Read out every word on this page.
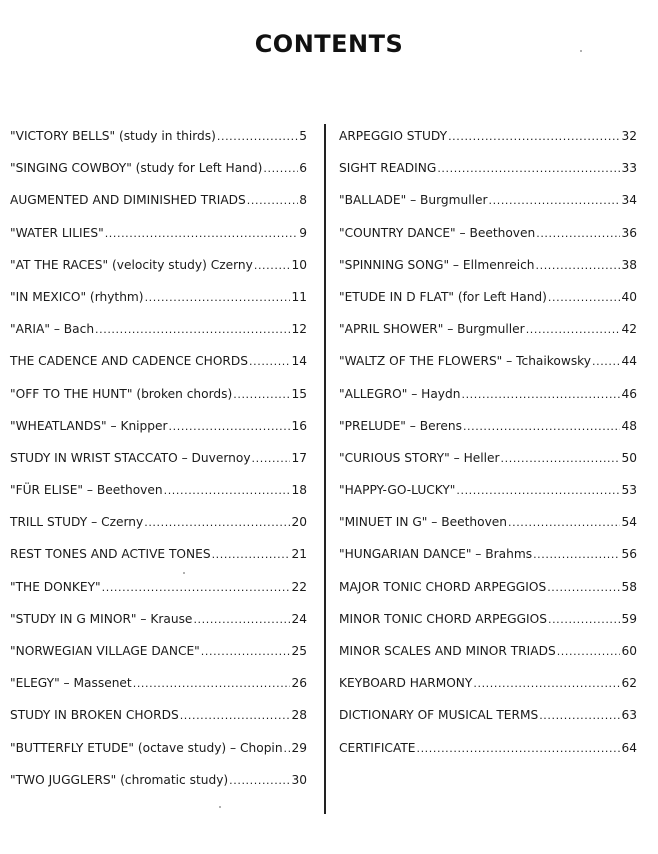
CONTENTS
"VICTORY BELLS" (study in thirds) .....	5
"SINGING COWBOY" (study for Left Hand) .....	6
AUGMENTED AND DIMINISHED TRIADS .....	8
"WATER LILIES" .....	9
"AT THE RACES" (velocity study) Czerny .....	10
"IN MEXICO" (rhythm) .....	11
"ARIA" – Bach .....	12
THE CADENCE AND CADENCE CHORDS .....	14
"OFF TO THE HUNT" (broken chords) .....	15
"WHEATLANDS" – Knipper .....	16
STUDY IN WRIST STACCATO – Duvernoy .....	17
"FÜR ELISE" – Beethoven .....	18
TRILL STUDY – Czerny .....	20
REST TONES AND ACTIVE TONES .....	21
"THE DONKEY" .....	22
"STUDY IN G MINOR" – Krause .....	24
"NORWEGIAN VILLAGE DANCE" .....	25
"ELEGY" – Massenet .....	26
STUDY IN BROKEN CHORDS .....	28
"BUTTERFLY ETUDE" (octave study) – Chopin ..... 29
"TWO JUGGLERS" (chromatic study) .....	30
ARPEGGIO STUDY .....	32
SIGHT READING .....	33
"BALLADE" – Burgmuller .....	34
"COUNTRY DANCE" – Beethoven .....	36
"SPINNING SONG" – Ellmenreich .....	38
"ETUDE IN D FLAT" (for Left Hand) .....	40
"APRIL SHOWER" – Burgmuller .....	42
"WALTZ OF THE FLOWERS" – Tchaikowsky ..... 44
"ALLEGRO" – Haydn .....	46
"PRELUDE" – Berens .....	48
"CURIOUS STORY" – Heller .....	50
"HAPPY-GO-LUCKY" .....	53
"MINUET IN G" – Beethoven .....	54
"HUNGARIAN DANCE" – Brahms .....	56
MAJOR TONIC CHORD ARPEGGIOS .....	58
MINOR TONIC CHORD ARPEGGIOS .....	59
MINOR SCALES AND MINOR TRIADS .....	60
KEYBOARD HARMONY .....	62
DICTIONARY OF MUSICAL TERMS .....	63
CERTIFICATE .....	64
